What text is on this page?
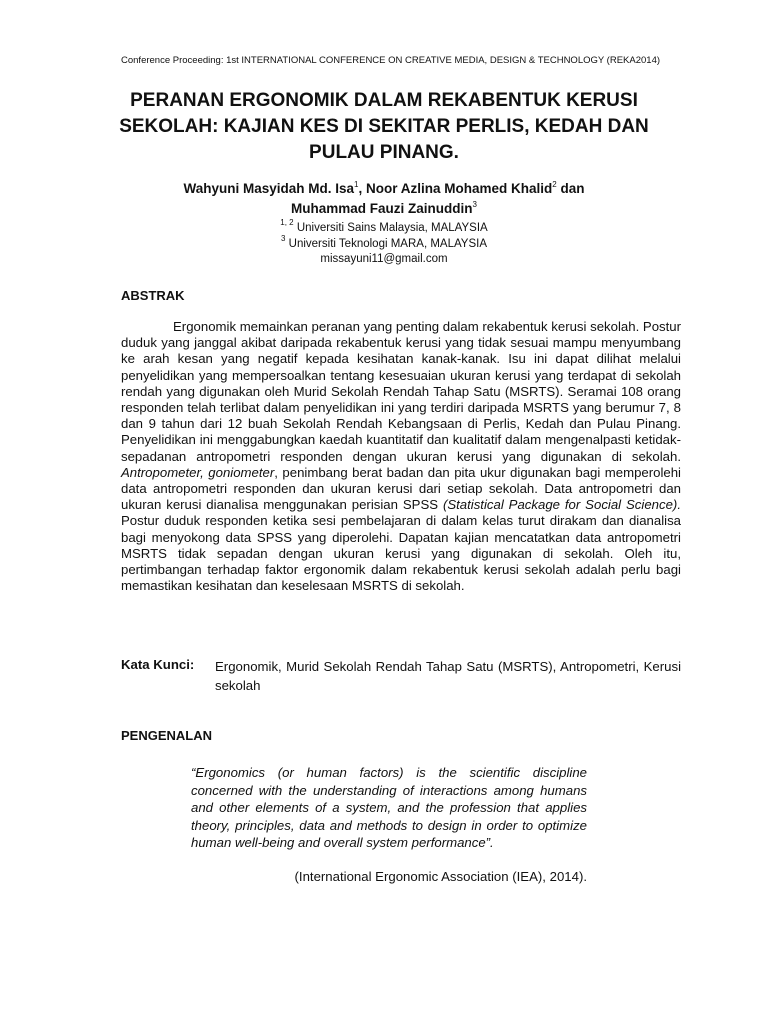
Conference Proceeding: 1st INTERNATIONAL CONFERENCE ON CREATIVE MEDIA, DESIGN & TECHNOLOGY (REKA2014)
PERANAN ERGONOMIK DALAM REKABENTUK KERUSI SEKOLAH: KAJIAN KES DI SEKITAR PERLIS, KEDAH DAN PULAU PINANG.
Wahyuni Masyidah Md. Isa$^1$, Noor Azlina Mohamed Khalid$^2$ dan
Muhammad Fauzi Zainuddin$^3$
$^{1, 2}$ Universiti Sains Malaysia, MALAYSIA
$^3$ Universiti Teknologi MARA, MALAYSIA
missayuni11@gmail.com
ABSTRAK
Ergonomik memainkan peranan yang penting dalam rekabentuk kerusi sekolah. Postur duduk yang janggal akibat daripada rekabentuk kerusi yang tidak sesuai mampu menyumbang ke arah kesan yang negatif kepada kesihatan kanak-kanak. Isu ini dapat dilihat melalui penyelidikan yang mempersoalkan tentang kesesuaian ukuran kerusi yang terdapat di sekolah rendah yang digunakan oleh Murid Sekolah Rendah Tahap Satu (MSRTS). Seramai 108 orang responden telah terlibat dalam penyelidikan ini yang terdiri daripada MSRTS yang berumur 7, 8 dan 9 tahun dari 12 buah Sekolah Rendah Kebangsaan di Perlis, Kedah dan Pulau Pinang. Penyelidikan ini menggabungkan kaedah kuantitatif dan kualitatif dalam mengenalpasti ketidak-sepadanan antropometri responden dengan ukuran kerusi yang digunakan di sekolah. Antropometer, goniometer, penimbang berat badan dan pita ukur digunakan bagi memperolehi data antropometri responden dan ukuran kerusi dari setiap sekolah. Data antropometri dan ukuran kerusi dianalisa menggunakan perisian SPSS (Statistical Package for Social Science). Postur duduk responden ketika sesi pembelajaran di dalam kelas turut dirakam dan dianalisa bagi menyokong data SPSS yang diperolehi. Dapatan kajian mencatatkan data antropometri MSRTS tidak sepadan dengan ukuran kerusi yang digunakan di sekolah. Oleh itu, pertimbangan terhadap faktor ergonomik dalam rekabentuk kerusi sekolah adalah perlu bagi memastikan kesihatan dan keselesaan MSRTS di sekolah.
Kata Kunci: Ergonomik, Murid Sekolah Rendah Tahap Satu (MSRTS), Antropometri, Kerusi sekolah
PENGENALAN
“Ergonomics (or human factors) is the scientific discipline concerned with the understanding of interactions among humans and other elements of a system, and the profession that applies theory, principles, data and methods to design in order to optimize human well-being and overall system performance”.
(International Ergonomic Association (IEA), 2014).
